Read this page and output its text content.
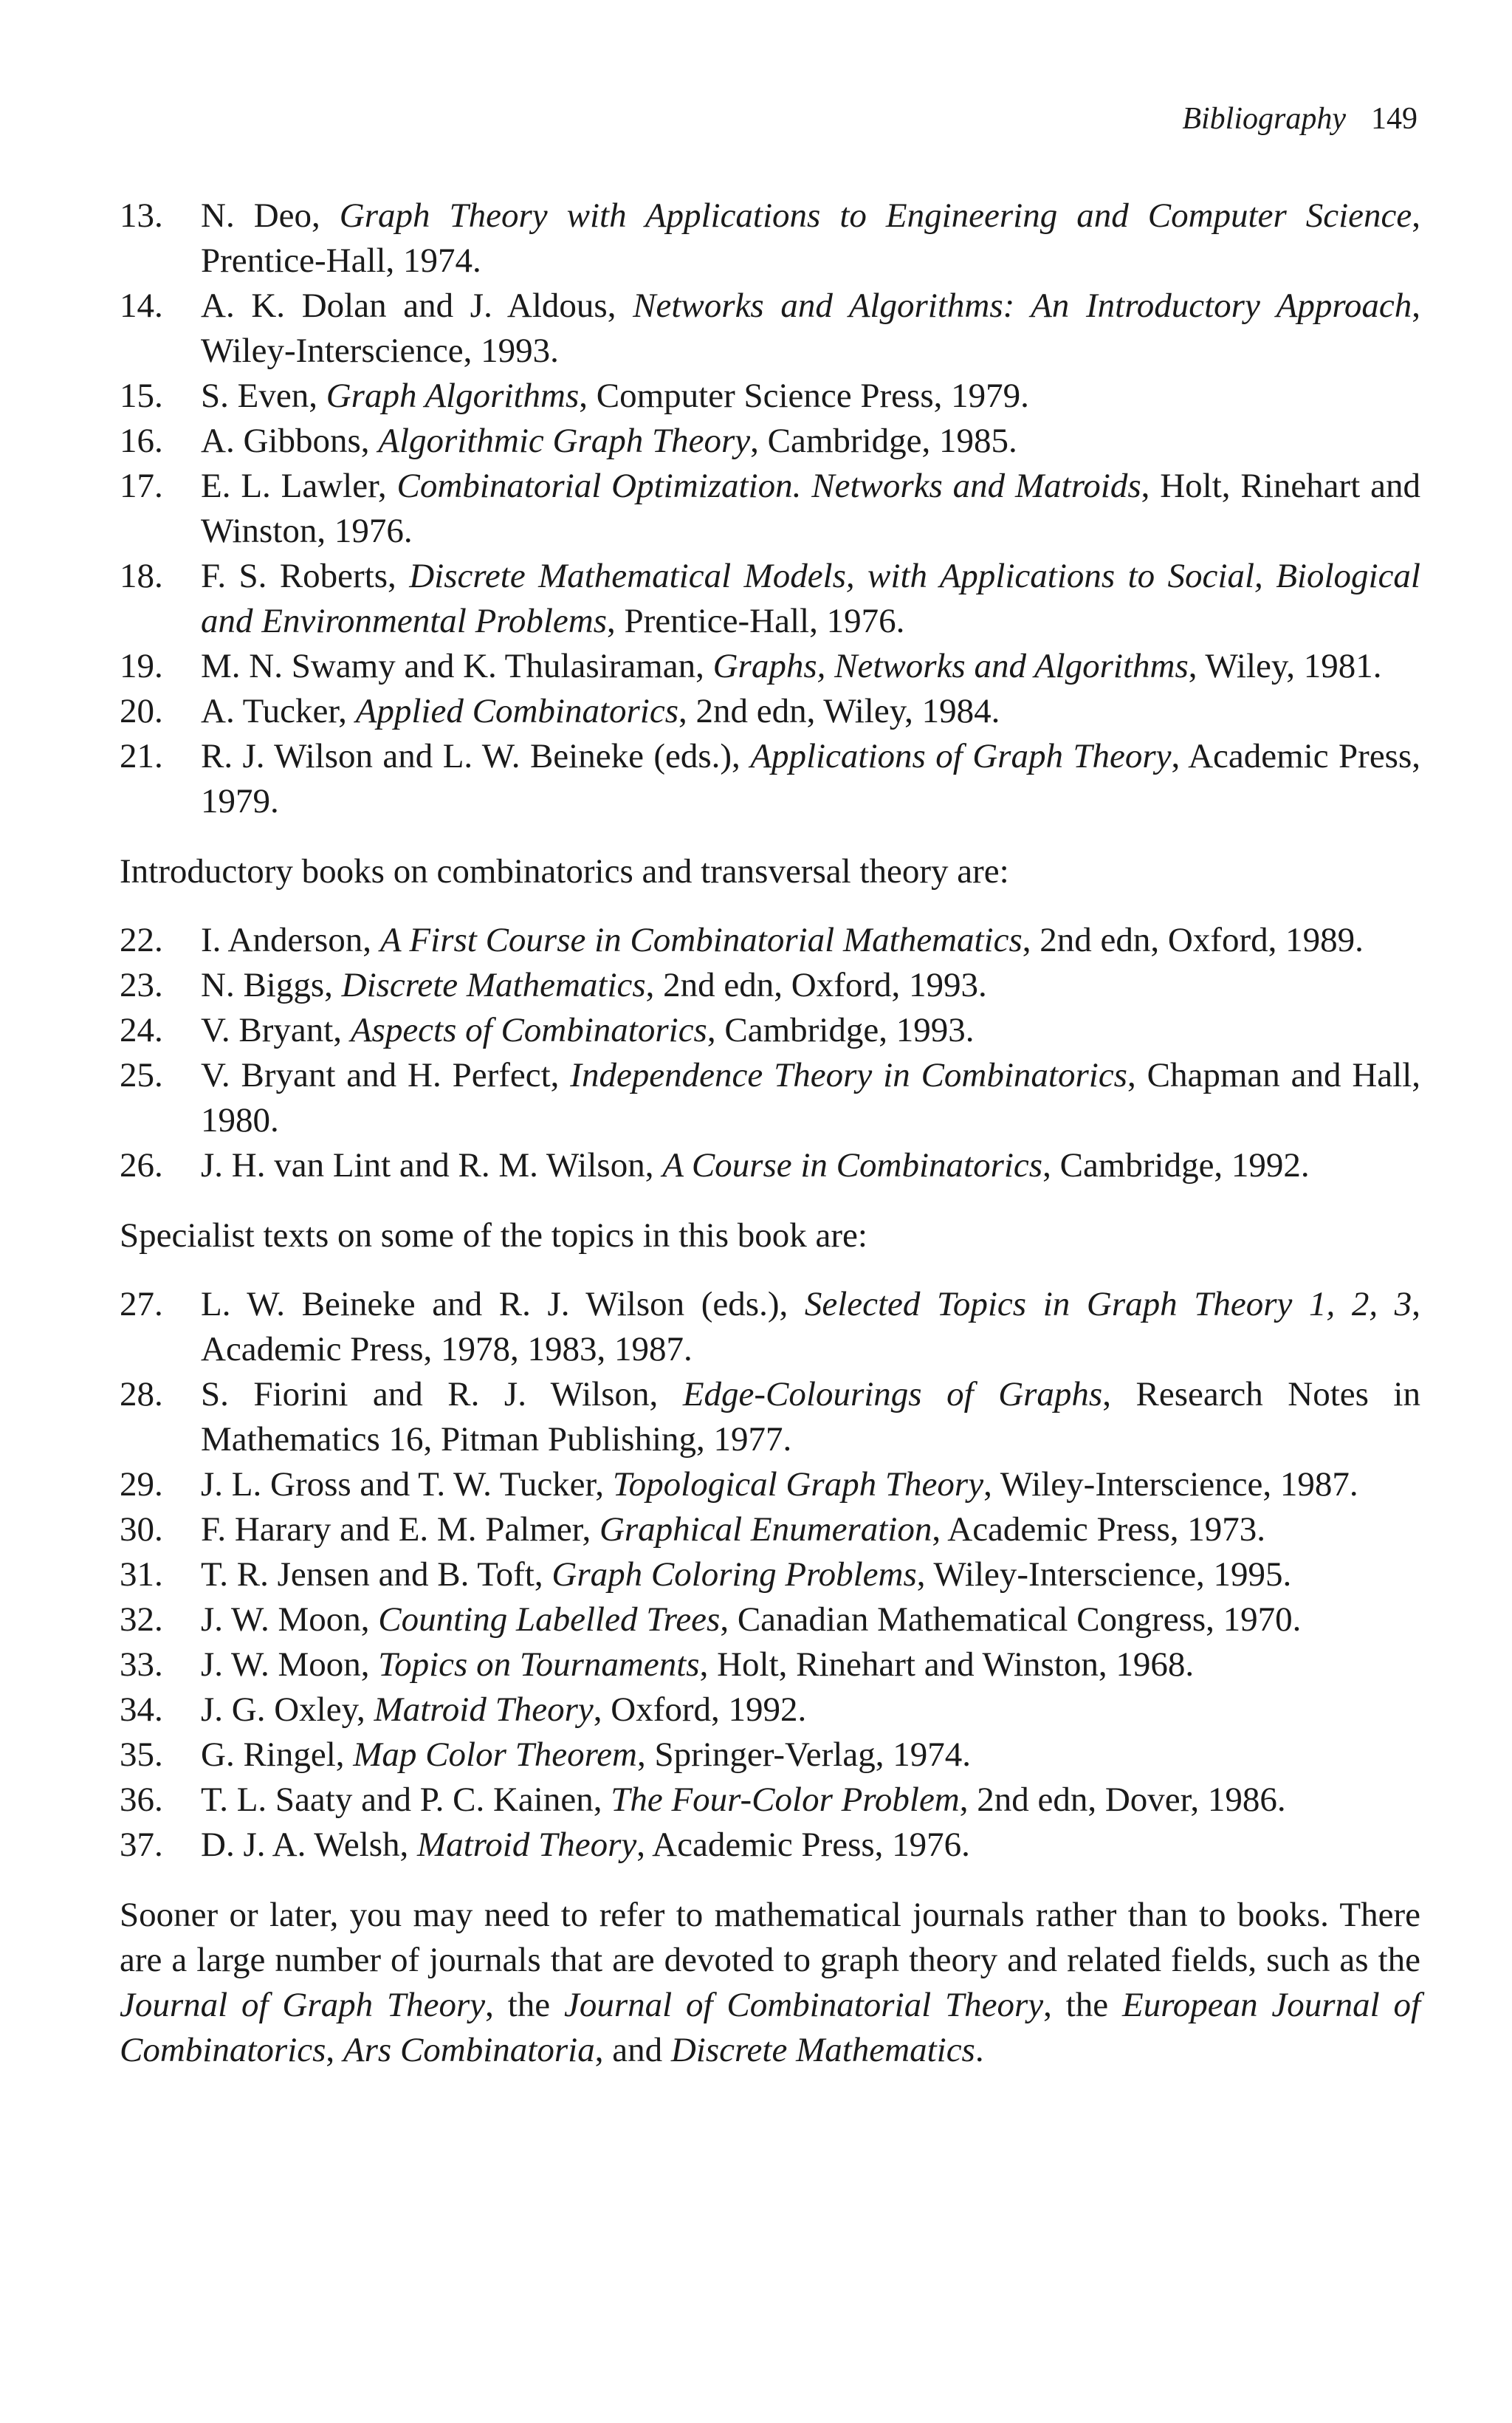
Bibliography 149
13. N. Deo, Graph Theory with Applications to Engineering and Computer Science, Prentice-Hall, 1974.
14. A. K. Dolan and J. Aldous, Networks and Algorithms: An Introductory Approach, Wiley-Interscience, 1993.
15. S. Even, Graph Algorithms, Computer Science Press, 1979.
16. A. Gibbons, Algorithmic Graph Theory, Cambridge, 1985.
17. E. L. Lawler, Combinatorial Optimization. Networks and Matroids, Holt, Rinehart and Winston, 1976.
18. F. S. Roberts, Discrete Mathematical Models, with Applications to Social, Biological and Environmental Problems, Prentice-Hall, 1976.
19. M. N. Swamy and K. Thulasiraman, Graphs, Networks and Algorithms, Wiley, 1981.
20. A. Tucker, Applied Combinatorics, 2nd edn, Wiley, 1984.
21. R. J. Wilson and L. W. Beineke (eds.), Applications of Graph Theory, Academic Press, 1979.

Introductory books on combinatorics and transversal theory are:

22. I. Anderson, A First Course in Combinatorial Mathematics, 2nd edn, Oxford, 1989.
23. N. Biggs, Discrete Mathematics, 2nd edn, Oxford, 1993.
24. V. Bryant, Aspects of Combinatorics, Cambridge, 1993.
25. V. Bryant and H. Perfect, Independence Theory in Combinatorics, Chapman and Hall, 1980.
26. J. H. van Lint and R. M. Wilson, A Course in Combinatorics, Cambridge, 1992.

Specialist texts on some of the topics in this book are:

27. L. W. Beineke and R. J. Wilson (eds.), Selected Topics in Graph Theory 1, 2, 3, Academic Press, 1978, 1983, 1987.
28. S. Fiorini and R. J. Wilson, Edge-Colourings of Graphs, Research Notes in Mathematics 16, Pitman Publishing, 1977.
29. J. L. Gross and T. W. Tucker, Topological Graph Theory, Wiley-Interscience, 1987.
30. F. Harary and E. M. Palmer, Graphical Enumeration, Academic Press, 1973.
31. T. R. Jensen and B. Toft, Graph Coloring Problems, Wiley-Interscience, 1995.
32. J. W. Moon, Counting Labelled Trees, Canadian Mathematical Congress, 1970.
33. J. W. Moon, Topics on Tournaments, Holt, Rinehart and Winston, 1968.
34. J. G. Oxley, Matroid Theory, Oxford, 1992.
35. G. Ringel, Map Color Theorem, Springer-Verlag, 1974.
36. T. L. Saaty and P. C. Kainen, The Four-Color Problem, 2nd edn, Dover, 1986.
37. D. J. A. Welsh, Matroid Theory, Academic Press, 1976.

Sooner or later, you may need to refer to mathematical journals rather than to books. There are a large number of journals that are devoted to graph theory and related fields, such as the Journal of Graph Theory, the Journal of Combinatorial Theory, the European Journal of Combinatorics, Ars Combinatoria, and Discrete Mathematics.
